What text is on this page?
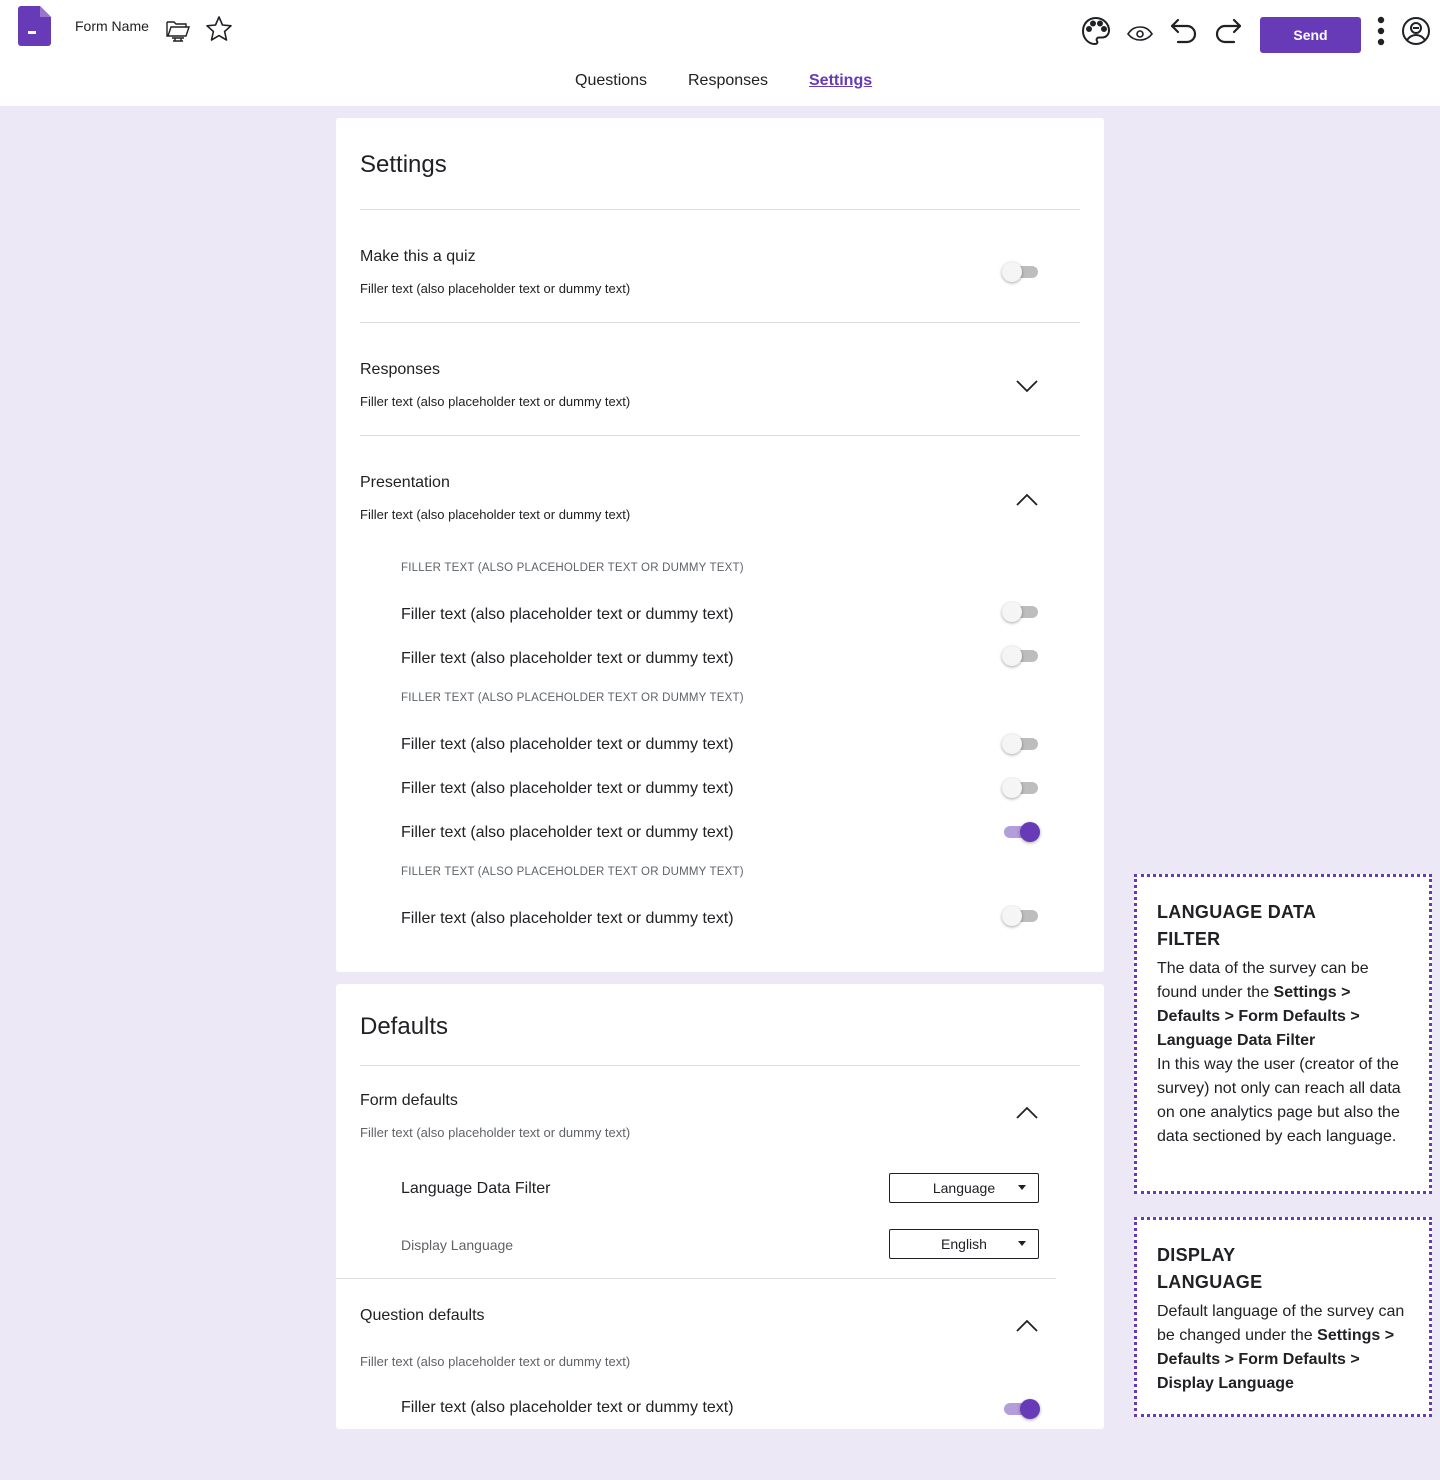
Form Name
Send
Questions	Responses	Settings
Settings
Make this a quiz
Filler text (also placeholder text or dummy text)
Responses
Filler text (also placeholder text or dummy text)
Presentation
Filler text (also placeholder text or dummy text)
FILLER TEXT (ALSO PLACEHOLDER TEXT OR DUMMY TEXT)
Filler text (also placeholder text or dummy text)
Filler text (also placeholder text or dummy text)
FILLER TEXT (ALSO PLACEHOLDER TEXT OR DUMMY TEXT)
Filler text (also placeholder text or dummy text)
Filler text (also placeholder text or dummy text)
Filler text (also placeholder text or dummy text)
FILLER TEXT (ALSO PLACEHOLDER TEXT OR DUMMY TEXT)
Filler text (also placeholder text or dummy text)
Defaults
Form defaults
Filler text (also placeholder text or dummy text)
Language Data Filter	Language
Display Language	English
Question defaults
Filler text (also placeholder text or dummy text)
Filler text (also placeholder text or dummy text)
LANGUAGE DATA
FILTER

The data of the survey can be found under the Settings > Defaults > Form Defaults > Language Data Filter
In this way the user (creator of the survey) not only can reach all data on one analytics page but also the data sectioned by each language.

DISPLAY
LANGUAGE

Default language of the survey can be changed under the Settings > Defaults > Form Defaults > Display Language
